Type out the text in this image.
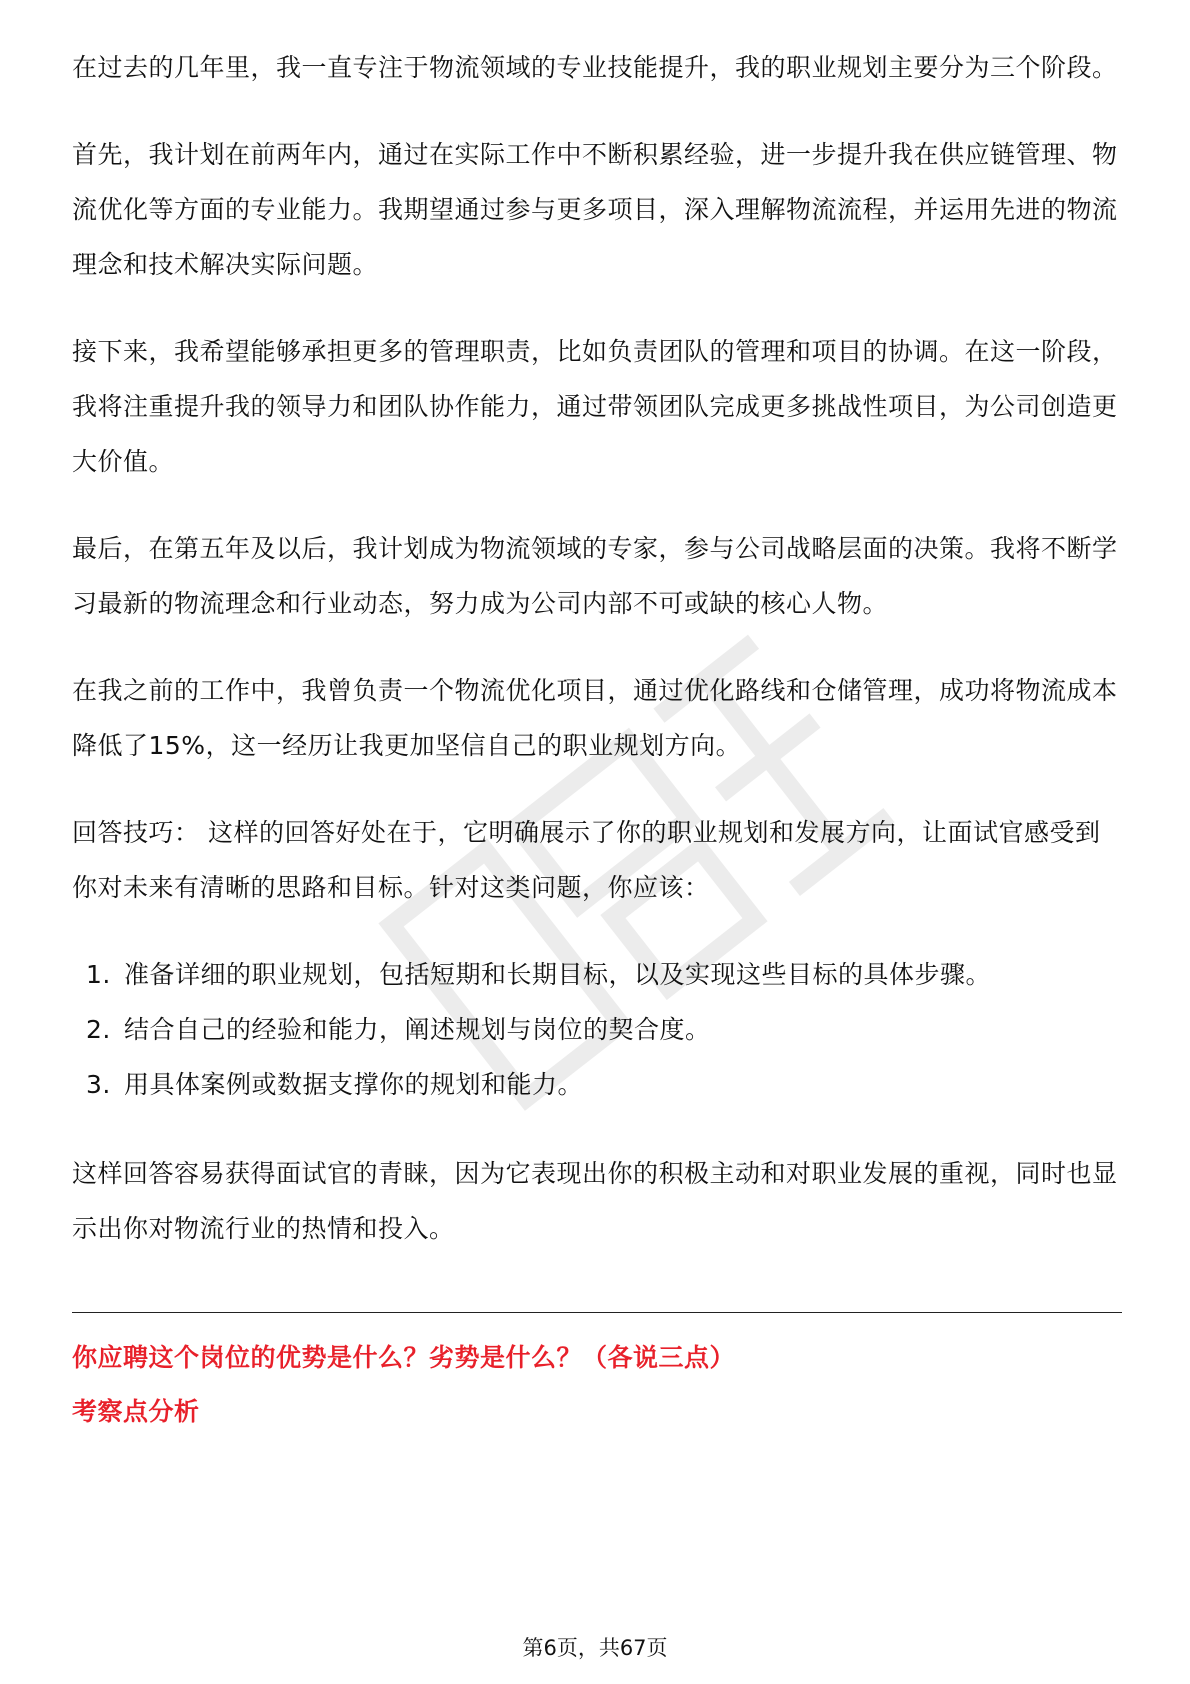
在过去的几年里，我一直专注于物流领域的专业技能提升，我的职业规划主要分为三个阶段。

首先，我计划在前两年内，通过在实际工作中不断积累经验，进一步提升我在供应链管理、物流优化等方面的专业能力。我期望通过参与更多项目，深入理解物流流程，并运用先进的物流理念和技术解决实际问题。

接下来，我希望能够承担更多的管理职责，比如负责团队的管理和项目的协调。在这一阶段，我将注重提升我的领导力和团队协作能力，通过带领团队完成更多挑战性项目，为公司创造更大价值。

最后，在第五年及以后，我计划成为物流领域的专家，参与公司战略层面的决策。我将不断学习最新的物流理念和行业动态，努力成为公司内部不可或缺的核心人物。

在我之前的工作中，我曾负责一个物流优化项目，通过优化路线和仓储管理，成功将物流成本降低了15%，这一经历让我更加坚信自己的职业规划方向。

回答技巧： 这样的回答好处在于，它明确展示了你的职业规划和发展方向，让面试官感受到你对未来有清晰的思路和目标。针对这类问题，你应该：

1. 准备详细的职业规划，包括短期和长期目标，以及实现这些目标的具体步骤。
2. 结合自己的经验和能力，阐述规划与岗位的契合度。
3. 用具体案例或数据支撑你的规划和能力。

这样回答容易获得面试官的青睐，因为它表现出你的积极主动和对职业发展的重视，同时也显示出你对物流行业的热情和投入。

你应聘这个岗位的优势是什么？劣势是什么？（各说三点）

考察点分析

第6页，共67页
